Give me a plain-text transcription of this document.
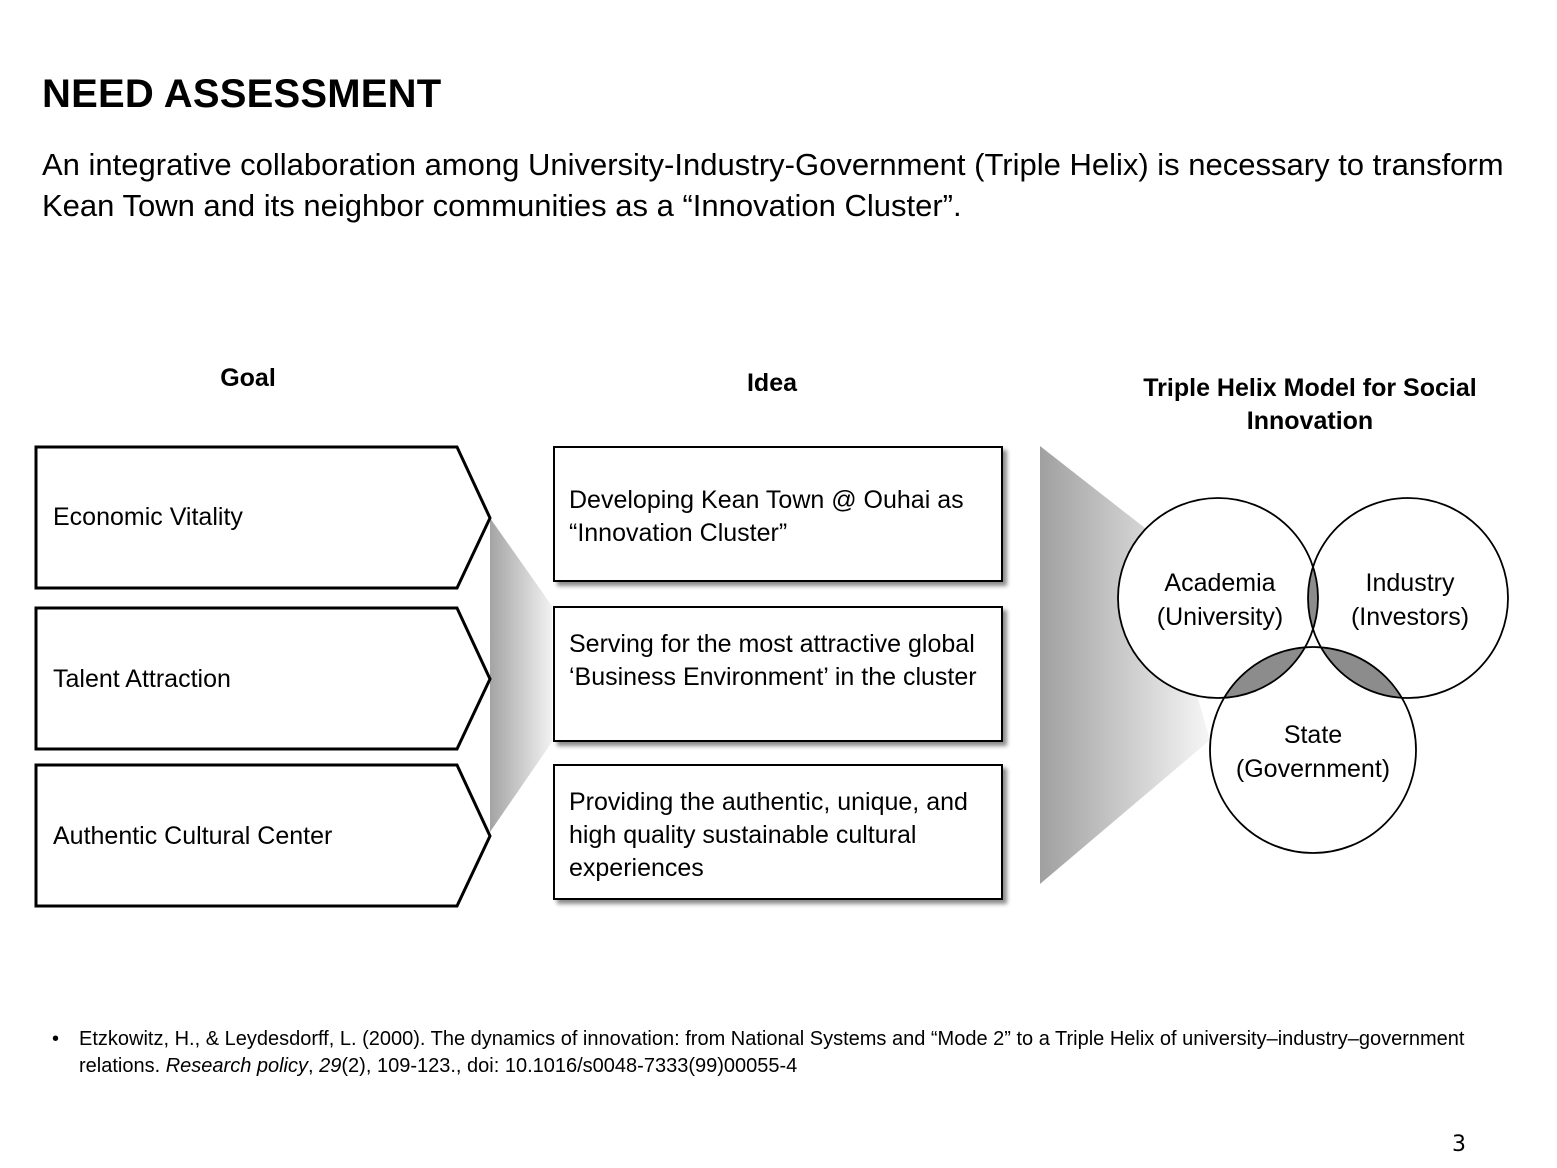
NEED ASSESSMENT
An integrative collaboration among University-Industry-Government (Triple Helix) is necessary to transform Kean Town and its neighbor communities as a “Innovation Cluster”.
Goal	Idea	Triple Helix Model for Social Innovation
Economic Vitality
Talent Attraction
Authentic Cultural Center
Developing Kean Town @ Ouhai as “Innovation Cluster”
Serving for the most attractive global ‘Business Environment’ in the cluster
Providing the authentic, unique, and high quality sustainable cultural experiences
Academia
(University)
Industry
(Investors)
State
(Government)
• Etzkowitz, H., & Leydesdorff, L. (2000). The dynamics of innovation: from National Systems and “Mode 2” to a Triple Helix of university–industry–government relations. Research policy, 29(2), 109-123., doi: 10.1016/s0048-7333(99)00055-4
3
